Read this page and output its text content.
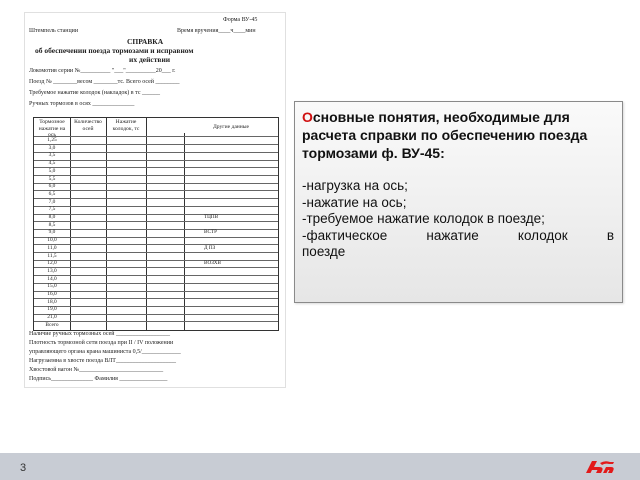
Форма ВУ-45
Штемпель станции	Время вручения____ч____мин
СПРАВКА
об обеспечении поезда тормозами и исправном
их действии
Локомотив серии №__________ "___"__________20___ г.
Поезд № ________весом ________тс. Всего осей ________
Требуемое нажатие колодок (накладок) в тс ______
Ручных тормозов в осях ______________
Тормозное нажатие на ось
Количество осей
Нажатие колодок, тс	Другие данные
1,25
3,0
3,5
4,5
5,0
5,5
6,0
6,5
7,0
7,5
8,0
8,5
9,0
10,0
11,0
11,5
12,0
13,0
14,0
15,0
16,0
18,0
19,0
21,0
Всего
ТЦПВ
ВСТР
Д ПЗ
ВОЗХВ
Наличие ручных тормозных осей __________________
Плотность тормозной сети поезда при II / IV положении
управляющего органа крана машиниста 0,5/_____________
Нагрузаемна в хвосте поезда ВЛТ____________________
Хвостовой вагон №____________________________
Подпись______________ Фамилия ________________

Основные понятия, необходимые для расчета справки по обеспечению поезда тормозами ф. ВУ-45:

-нагрузка на ось;
-нажатие на ось;
-требуемое нажатие колодок в поезде;
-фактическое нажатие колодок в
поезде
3
